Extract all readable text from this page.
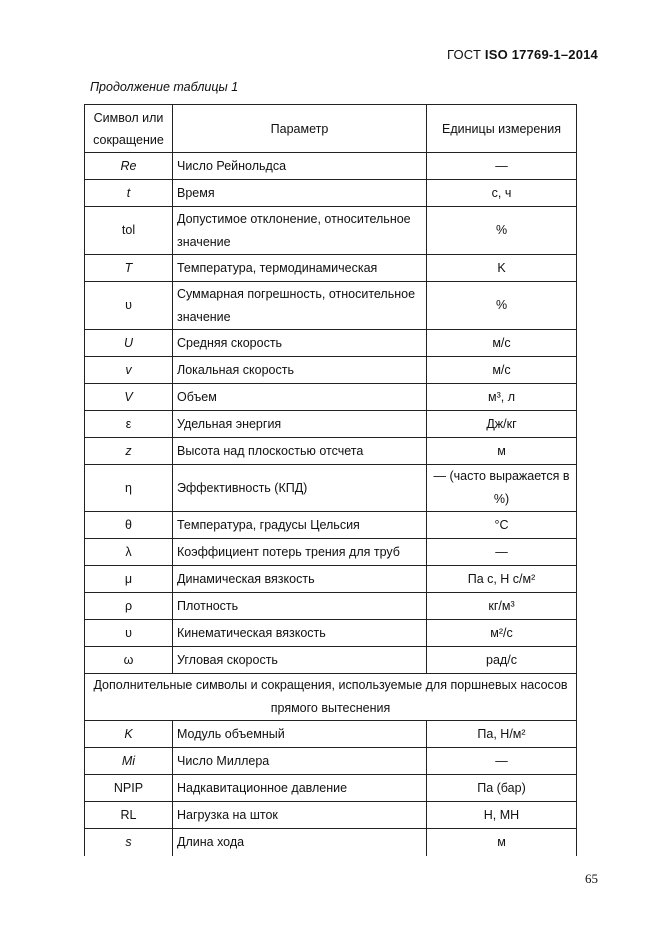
ГОСТ ISO 17769-1–2014
Продолжение таблицы 1
Символ или сокращение	Параметр	Единицы измерения
Re	Число Рейнольдса	—
t	Время	с, ч
tol	Допустимое отклонение, относительное значение	%
T	Температура, термодинамическая	K
υ	Суммарная погрешность, относительное значение	%
U	Средняя скорость	м/с
v	Локальная скорость	м/с
V	Объем	м³, л
ε	Удельная энергия	Дж/кг
z	Высота над плоскостью отсчета	м
η	Эффективность (КПД)	— (часто выражается в %)
θ	Температура, градусы Цельсия	°C
λ	Коэффициент потерь трения для труб	—
μ	Динамическая вязкость	Па с, Н с/м²
ρ	Плотность	кг/м³
υ	Кинематическая вязкость	м²/с
ω	Угловая скорость	рад/с
Дополнительные символы и сокращения, используемые для поршневых насосов прямого вытеснения		
K	Модуль объемный	Па, Н/м²
Mi	Число Миллера	—
NPIP	Надкавитационное давление	Па (бар)
RL	Нагрузка на шток	Н, МН
s	Длина хода	м
65
